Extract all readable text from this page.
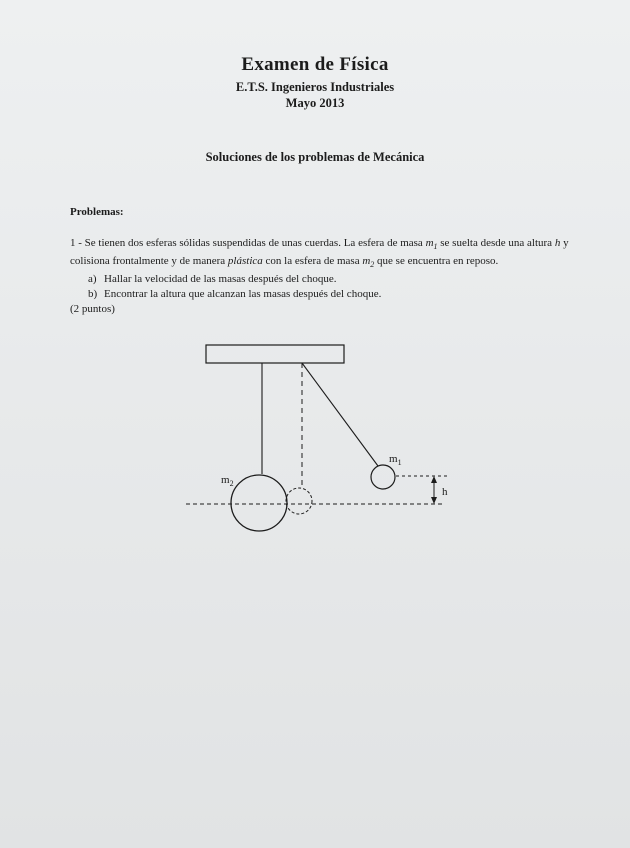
Examen de Física
E.T.S. Ingenieros Industriales
Mayo 2013
Soluciones de los problemas de Mecánica
Problemas:

1 - Se tienen dos esferas sólidas suspendidas de unas cuerdas. La esfera de masa $m_1$ se suelta desde una altura h y colisiona frontalmente y de manera plástica con la esfera de masa $m_2$ que se encuentra en reposo.

a) Hallar la velocidad de las masas después del choque.

b) Encontrar la altura que alcanzan las masas después del choque.

(2 puntos)

$m_1$
$m_2$
h
